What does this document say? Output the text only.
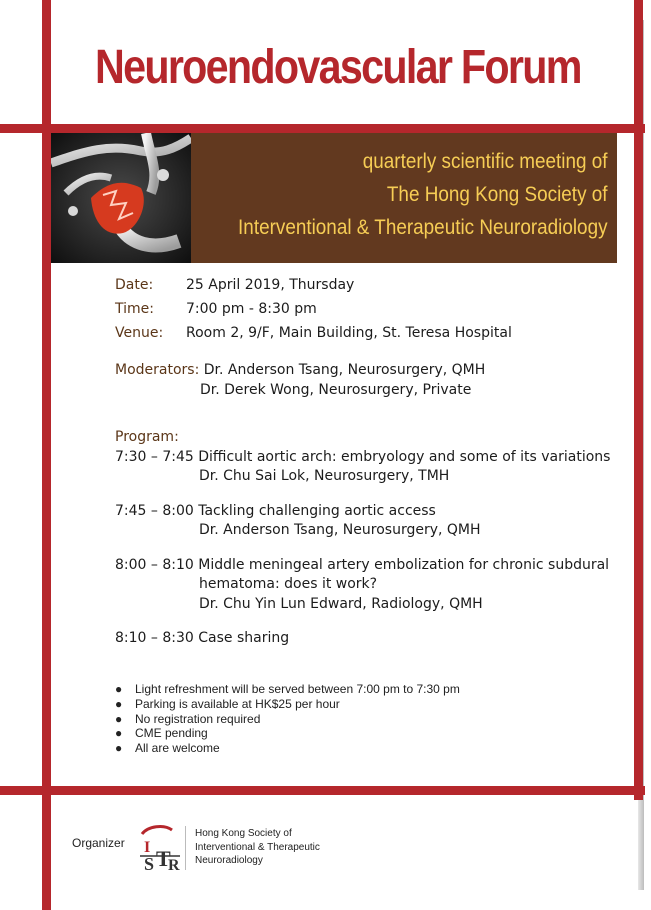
Neuroendovascular Forum
quarterly scientific meeting of
The Hong Kong Society of
Interventional & Therapeutic Neuroradiology
Date: 25 April 2019, Thursday
Time: 7:00 pm - 8:30 pm
Venue: Room 2, 9/F, Main Building, St. Teresa Hospital
Moderators: Dr. Anderson Tsang, Neurosurgery, QMH
Dr. Derek Wong, Neurosurgery, Private
Program:
7:30 – 7:45 Difficult aortic arch: embryology and some of its variations
Dr. Chu Sai Lok, Neurosurgery, TMH
7:45 – 8:00 Tackling challenging aortic access
Dr. Anderson Tsang, Neurosurgery, QMH
8:00 – 8:10 Middle meningeal artery embolization for chronic subdural
hematoma: does it work?
Dr. Chu Yin Lun Edward, Radiology, QMH
8:10 – 8:30 Case sharing
●	Light refreshment will be served between 7:00 pm to 7:30 pm
●	Parking is available at HK$25 per hour
●	No registration required
●	CME pending
●	All are welcome
Organizer I
S T
R
Hong Kong Society of
Interventional & Therapeutic
Neuroradiology
